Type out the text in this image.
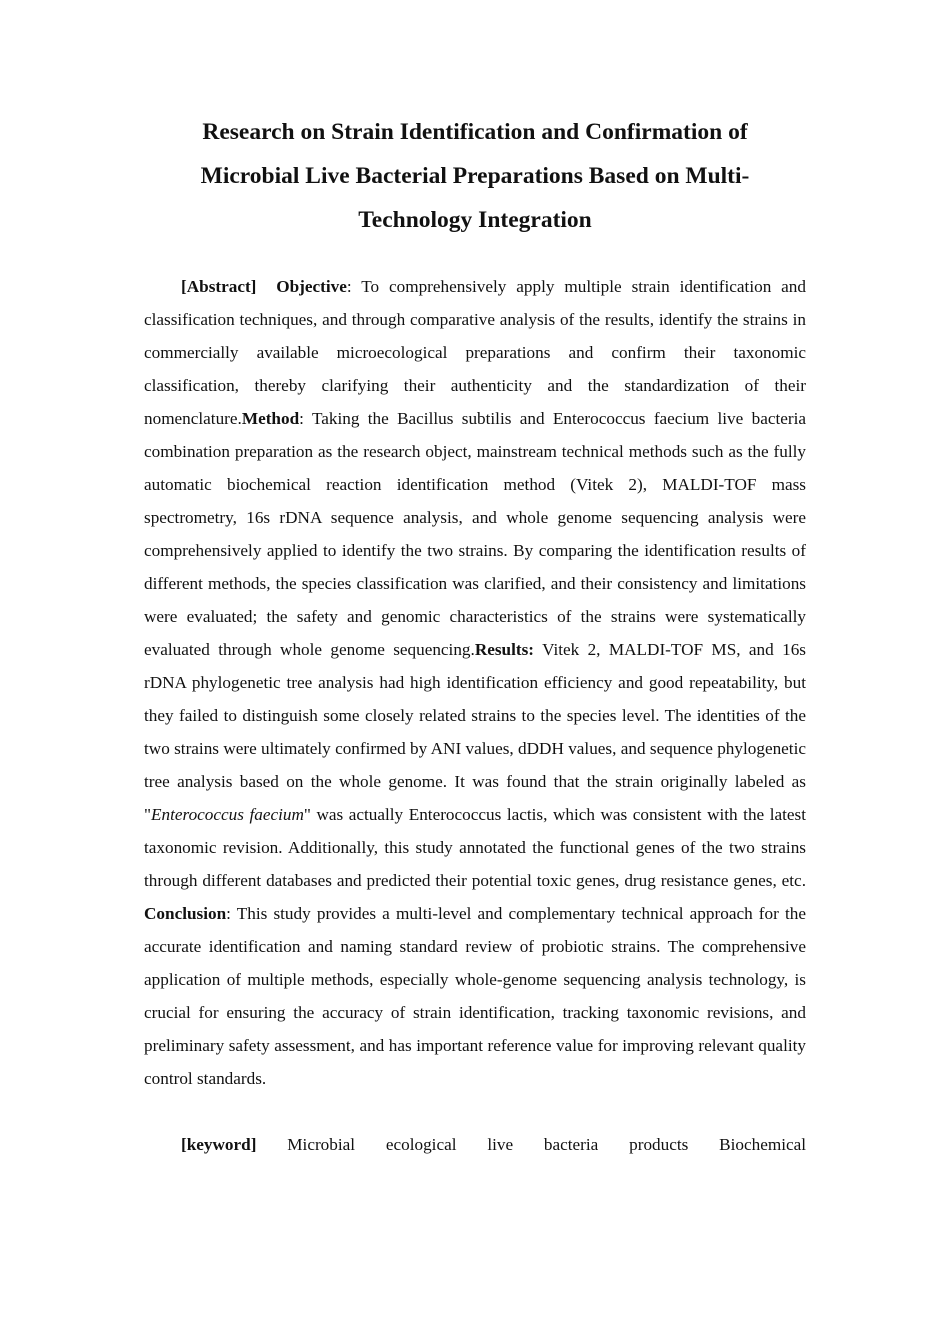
Research on Strain Identification and Confirmation of Microbial Live Bacterial Preparations Based on Multi-Technology Integration

[Abstract] Objective: To comprehensively apply multiple strain identification and classification techniques, and through comparative analysis of the results, identify the strains in commercially available microecological preparations and confirm their taxonomic classification, thereby clarifying their authenticity and the standardization of their nomenclature.Method: Taking the Bacillus subtilis and Enterococcus faecium live bacteria combination preparation as the research object, mainstream technical methods such as the fully automatic biochemical reaction identification method (Vitek 2), MALDI-TOF mass spectrometry, 16s rDNA sequence analysis, and whole genome sequencing analysis were comprehensively applied to identify the two strains. By comparing the identification results of different methods, the species classification was clarified, and their consistency and limitations were evaluated; the safety and genomic characteristics of the strains were systematically evaluated through whole genome sequencing.Results: Vitek 2, MALDI-TOF MS, and 16s rDNA phylogenetic tree analysis had high identification efficiency and good repeatability, but they failed to distinguish some closely related strains to the species level. The identities of the two strains were ultimately confirmed by ANI values, dDDH values, and sequence phylogenetic tree analysis based on the whole genome. It was found that the strain originally labeled as "Enterococcus faecium" was actually Enterococcus lactis, which was consistent with the latest taxonomic revision. Additionally, this study annotated the functional genes of the two strains through different databases and predicted their potential toxic genes, drug resistance genes, etc. Conclusion: This study provides a multi-level and complementary technical approach for the accurate identification and naming standard review of probiotic strains. The comprehensive application of multiple methods, especially whole-genome sequencing analysis technology, is crucial for ensuring the accuracy of strain identification, tracking taxonomic revisions, and preliminary safety assessment, and has important reference value for improving relevant quality control standards.

[keyword] Microbial ecological live bacteria products Biochemical
